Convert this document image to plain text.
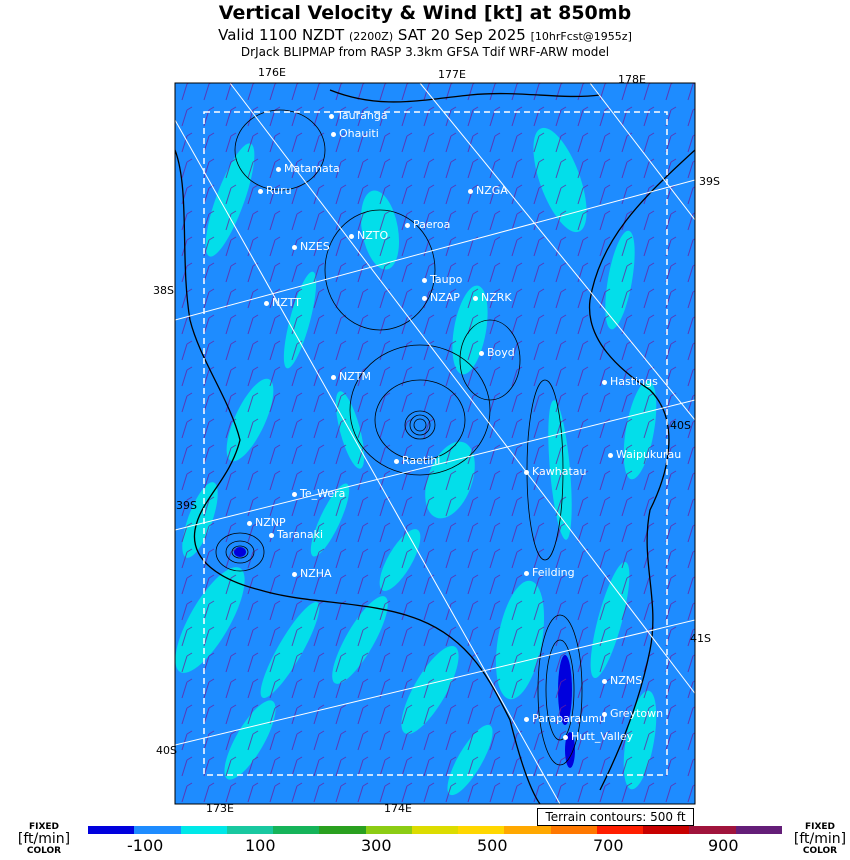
Vertical Velocity & Wind [kt] at 850mb
Valid 1100 NZDT (2200Z) SAT 20 Sep 2025 [10hrFcst@1955z]
DrJack BLIPMAP from RASP 3.3km GFSA Tdif WRF-ARW model
176E	177E	178E
173E	174E
39S
38S
40S
39S
41S
40S
Tauranga
Ohauiti
Matamata
Ruru	NZGA
Paeroa
NZES
NZTO
Taupo
NZAP	NZRK
NZTT
Boyd
NZTM	Hastings
Raetihi	Waipukurau
Kawhatau
Te_Wera
NZNP
Taranaki
NZHA	Feilding
NZMS
Greytown
Paraparaumu
Hutt_Valley
Terrain contours: 500 ft
FIXED
[ft/min]
COLOR
FIXED
[ft/min]
COLOR
-100	100	300	500	700	900
